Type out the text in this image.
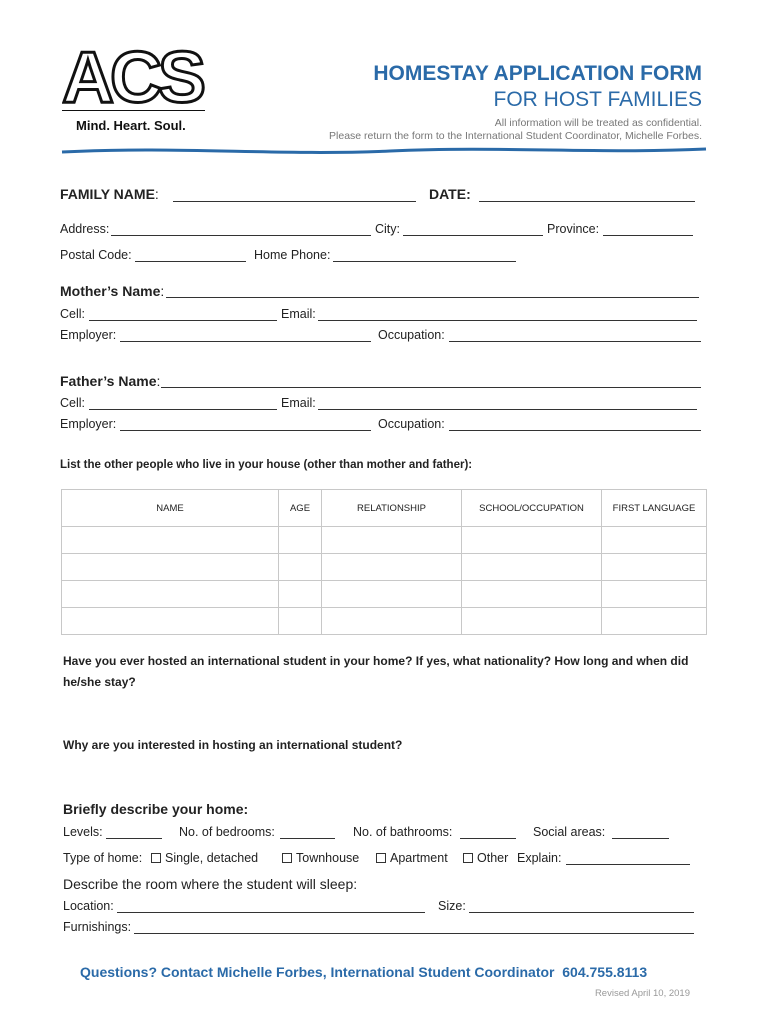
ACS
Mind. Heart. Soul.
HOMESTAY APPLICATION FORM
FOR HOST FAMILIES
All information will be treated as confidential.
Please return the form to the International Student Coordinator, Michelle Forbes.
FAMILY NAME:	DATE:
Address:	City:	Province:
Postal Code:	Home Phone:
Mother’s Name:
Cell:	Email:
Employer:	Occupation:
Father’s Name:
Cell:	Email:
Employer:	Occupation:
List the other people who live in your house (other than mother and father):
NAME	AGE	RELATIONSHIP	SCHOOL/OCCUPATION	FIRST LANGUAGE

Have you ever hosted an international student in your home? If yes, what nationality? How long and when did he/she stay?
Why are you interested in hosting an international student?
Briefly describe your home:
Levels:	No. of bedrooms:	No. of bathrooms:	Social areas:
Type of home:	Single, detached	Townhouse	Apartment	Other Explain:
Describe the room where the student will sleep:
Location:	Size:
Furnishings:
Questions? Contact Michelle Forbes, International Student Coordinator  604.755.8113
Revised April 10, 2019
